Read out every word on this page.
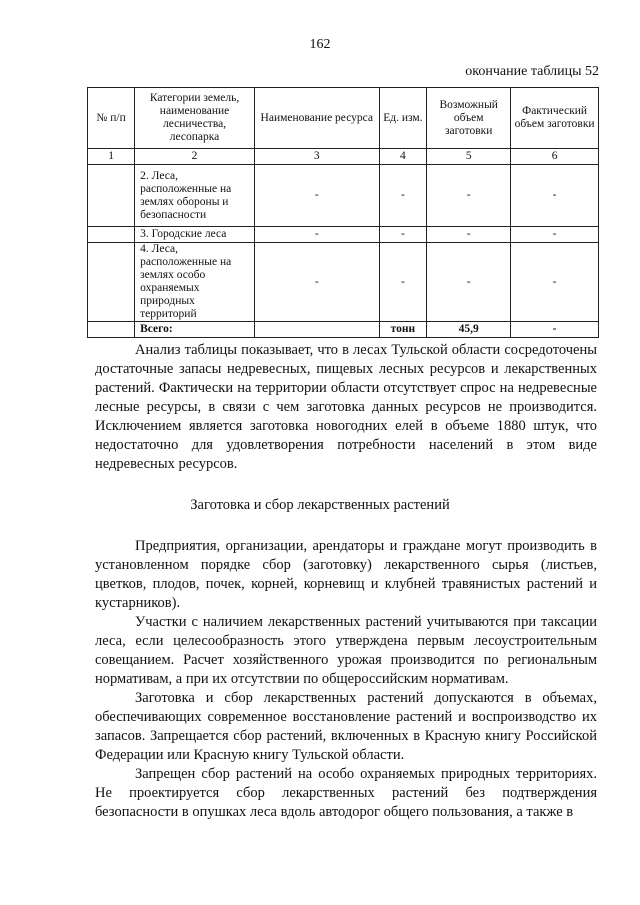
162
окончание таблицы 52
№ п/п	Категории земель, наименование лесничества, лесопарка	Наименование ресурса	Ед. изм.	Возможный объем заготовки	Фактический объем заготовки
1	2	3	4	5	6
	2. Леса, расположенные на землях обороны и безопасности	-	-	-	-
	3. Городские леса	-	-	-	-
	4. Леса, расположенные на землях особо охраняемых природных территорий	-	-	-	-
	Всего:		тонн	45,9	-

Анализ таблицы показывает, что в лесах Тульской области сосредоточены достаточные запасы недревесных, пищевых лесных ресурсов и лекарственных растений. Фактически на территории области отсутствует спрос на недревесные лесные ресурсы, в связи с чем заготовка данных ресурсов не производится. Исключением является заготовка новогодних елей в объеме 1880 штук, что недостаточно для удовлетворения потребности населений в этом виде недревесных ресурсов.

Заготовка и сбор лекарственных растений

Предприятия, организации, арендаторы и граждане могут производить в установленном порядке сбор (заготовку) лекарственного сырья (листьев, цветков, плодов, почек, корней, корневищ и клубней травянистых растений и кустарников).

Участки с наличием лекарственных растений учитываются при таксации леса, если целесообразность этого утверждена первым лесоустроительным совещанием. Расчет хозяйственного урожая производится по региональным нормативам, а при их отсутствии по общероссийским нормативам.

Заготовка и сбор лекарственных растений допускаются в объемах, обеспечивающих современное восстановление растений и воспроизводство их запасов. Запрещается сбор растений, включенных в Красную книгу Российской Федерации или Красную книгу Тульской области.

Запрещен сбор растений на особо охраняемых природных территориях. Не проектируется сбор лекарственных растений без подтверждения безопасности в опушках леса вдоль автодорог общего пользования, а также в
